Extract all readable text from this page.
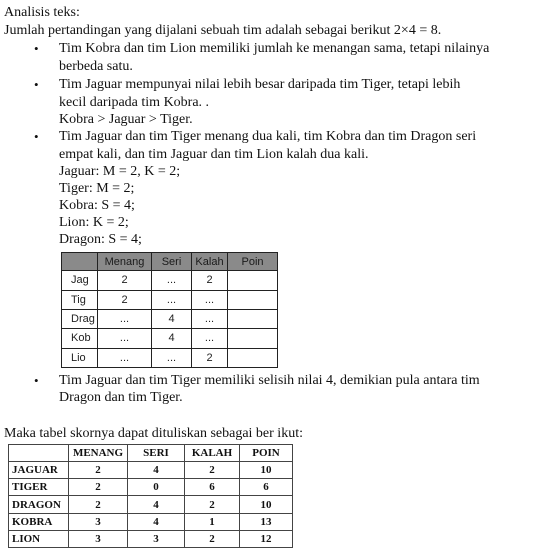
Analisis teks:
Jumlah pertandingan yang dijalani sebuah tim adalah sebagai berikut 2×4 = 8.
• Tim Kobra dan tim Lion memiliki jumlah ke menangan sama, tetapi nilainya
berbeda satu.
• Tim Jaguar mempunyai nilai lebih besar daripada tim Tiger, tetapi lebih
kecil daripada tim Kobra. .
Kobra > Jaguar > Tiger.
• Tim Jaguar dan tim Tiger menang dua kali, tim Kobra dan tim Dragon seri
empat kali, dan tim Jaguar dan tim Lion kalah dua kali.
Jaguar: M = 2, K = 2;
Tiger: M = 2;
Kobra: S = 4;
Lion: K = 2;
Dragon: S = 4;
	Menang	Seri	Kalah	Poin
Jag	2	...	2	
Tig	2	...	...	
Drag	...	4	...	
Kob	...	4	...	
Lio	...	...	2	
• Tim Jaguar dan tim Tiger memiliki selisih nilai 4, demikian pula antara tim
Dragon dan tim Tiger.
Maka tabel skornya dapat dituliskan sebagai ber ikut:
	MENANG	SERI	KALAH	POIN
JAGUAR	2	4	2	10
TIGER	2	0	6	6
DRAGON	2	4	2	10
KOBRA	3	4	1	13
LION	3	3	2	12
